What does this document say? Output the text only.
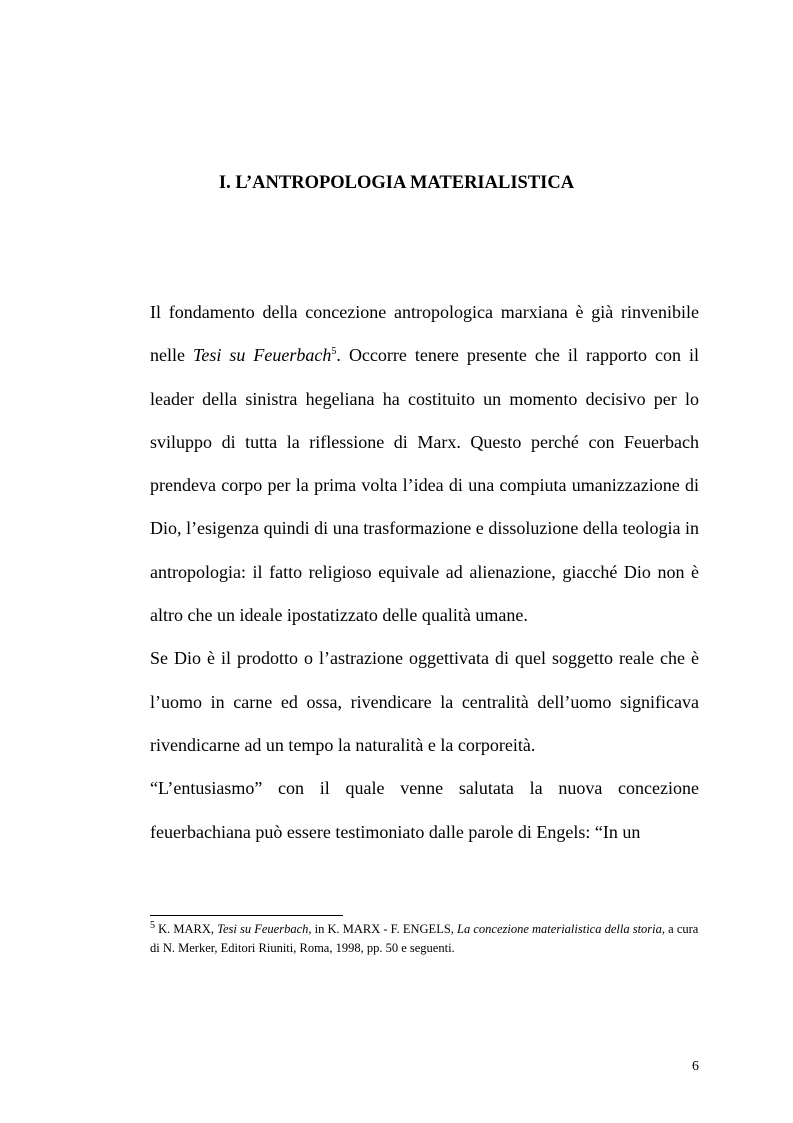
I. L’ANTROPOLOGIA MATERIALISTICA

Il fondamento della concezione antropologica marxiana è già rinvenibile nelle Tesi su Feuerbach$^5$. Occorre tenere presente che il rapporto con il leader della sinistra hegeliana ha costituito un momento decisivo per lo sviluppo di tutta la riflessione di Marx. Questo perché con Feuerbach prendeva corpo per la prima volta l’idea di una compiuta umanizzazione di Dio, l’esigenza quindi di una trasformazione e dissoluzione della teologia in antropologia: il fatto religioso equivale ad alienazione, giacché Dio non è altro che un ideale ipostatizzato delle qualità umane.

Se Dio è il prodotto o l’astrazione oggettivata di quel soggetto reale che è l’uomo in carne ed ossa, rivendicare la centralità dell’uomo significava rivendicarne ad un tempo la naturalità e la corporeità.

“L’entusiasmo” con il quale venne salutata la nuova concezione feuerbachiana può essere testimoniato dalle parole di Engels: “In un

$^5$ K. MARX, Tesi su Feuerbach, in K. MARX - F. ENGELS, La concezione materialistica della storia, a cura di N. Merker, Editori Riuniti, Roma, 1998, pp. 50 e seguenti.

6
